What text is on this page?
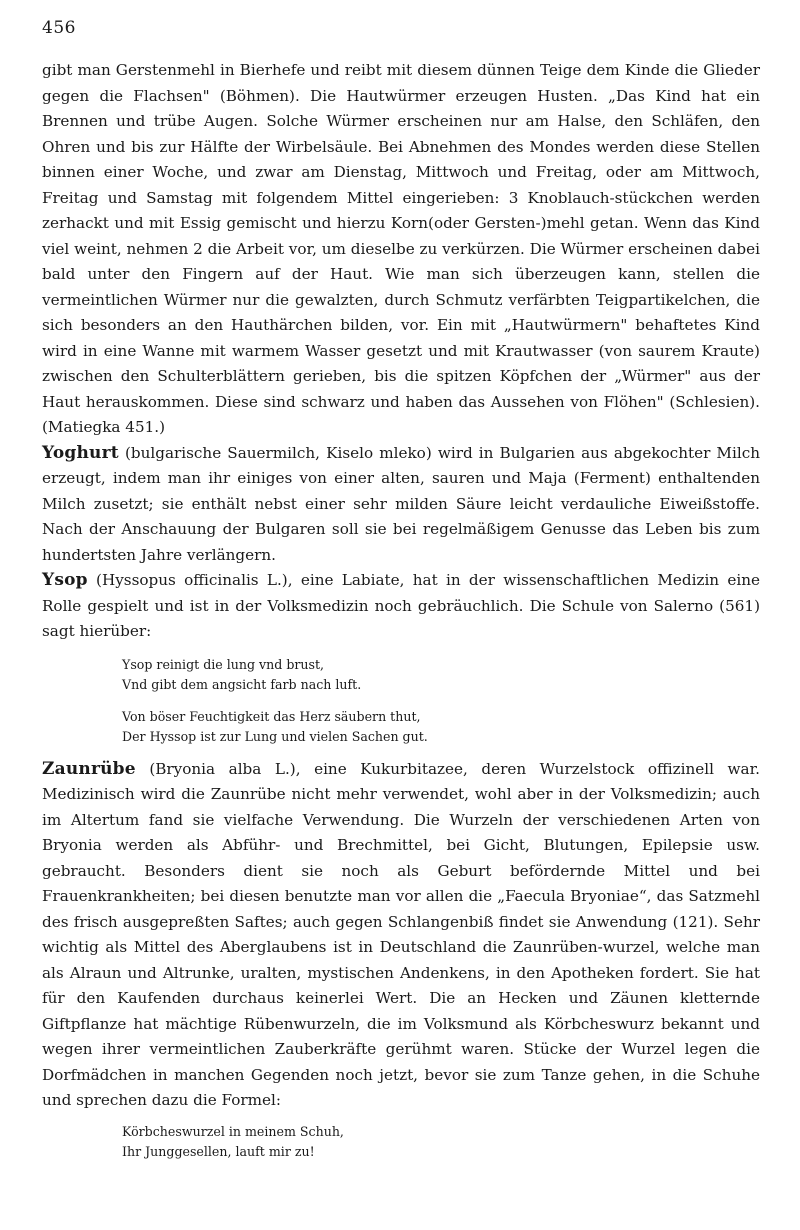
456

gibt man Gerstenmehl in Bierhefe und reibt mit diesem dünnen Teige dem Kinde die Glieder gegen die Flachsen" (Böhmen). Die Hautwürmer erzeugen Husten. „Das Kind hat ein Brennen und trübe Augen. Solche Würmer erscheinen nur am Halse, den Schläfen, den Ohren und bis zur Hälfte der Wirbelsäule. Bei Abnehmen des Mondes werden diese Stellen binnen einer Woche, und zwar am Dienstag, Mittwoch und Freitag, oder am Mittwoch, Freitag und Samstag mit folgendem Mittel eingerieben: 3 Knoblauch-stückchen werden zerhackt und mit Essig gemischt und hierzu Korn(oder Gersten-)mehl getan. Wenn das Kind viel weint, nehmen 2 die Arbeit vor, um dieselbe zu verkürzen. Die Würmer erscheinen dabei bald unter den Fingern auf der Haut. Wie man sich überzeugen kann, stellen die vermeintlichen Würmer nur die gewalzten, durch Schmutz verfärbten Teigpartikelchen, die sich besonders an den Hauthärchen bilden, vor. Ein mit „Hautwürmern" behaftetes Kind wird in eine Wanne mit warmem Wasser gesetzt und mit Krautwasser (von saurem Kraute) zwischen den Schulterblättern gerieben, bis die spitzen Köpfchen der „Würmer" aus der Haut herauskommen. Diese sind schwarz und haben das Aussehen von Flöhen" (Schlesien). (Matiegka 451.)

Yoghurt (bulgarische Sauermilch, Kiselo mleko) wird in Bulgarien aus abgekochter Milch erzeugt, indem man ihr einiges von einer alten, sauren und Maja (Ferment) enthaltenden Milch zusetzt; sie enthält nebst einer sehr milden Säure leicht verdauliche Eiweißstoffe. Nach der Anschauung der Bulgaren soll sie bei regelmäßigem Genusse das Leben bis zum hundertsten Jahre verlängern.

Ysop (Hyssopus officinalis L.), eine Labiate, hat in der wissenschaftlichen Medizin eine Rolle gespielt und ist in der Volksmedizin noch gebräuchlich. Die Schule von Salerno (561) sagt hierüber:

Ysop reinigt die lung vnd brust,
Vnd gibt dem angsicht farb nach luft.
Von böser Feuchtigkeit das Herz säubern thut,
Der Hyssop ist zur Lung und vielen Sachen gut.

Zaunrübe (Bryonia alba L.), eine Kukurbitazee, deren Wurzelstock offizinell war. Medizinisch wird die Zaunrübe nicht mehr verwendet, wohl aber in der Volksmedizin; auch im Altertum fand sie vielfache Verwendung. Die Wurzeln der verschiedenen Arten von Bryonia werden als Abführ- und Brechmittel, bei Gicht, Blutungen, Epilepsie usw. gebraucht. Besonders dient sie noch als Geburt befördernde Mittel und bei Frauenkrankheiten; bei diesen benutzte man vor allen die „Faecula Bryoniae“, das Satzmehl des frisch ausgepreßten Saftes; auch gegen Schlangenbiß findet sie Anwendung (121). Sehr wichtig als Mittel des Aberglaubens ist in Deutschland die Zaunrüben-wurzel, welche man als Alraun und Altrunke, uralten, mystischen Andenkens, in den Apotheken fordert. Sie hat für den Kaufenden durchaus keinerlei Wert. Die an Hecken und Zäunen kletternde Giftpflanze hat mächtige Rübenwurzeln, die im Volksmund als Körbcheswurz bekannt und wegen ihrer vermeintlichen Zauberkräfte gerühmt waren. Stücke der Wurzel legen die Dorfmädchen in manchen Gegenden noch jetzt, bevor sie zum Tanze gehen, in die Schuhe und sprechen dazu die Formel:

Körbcheswurzel in meinem Schuh,
Ihr Junggesellen, lauft mir zu!
